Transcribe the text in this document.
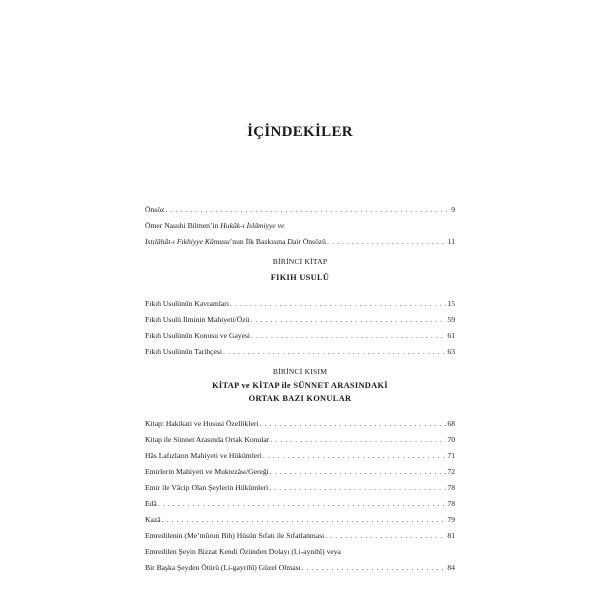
İÇİNDEKİLER
Önsöz . . .	9
Ömer Nasuhi Bilmen’in Hukûk-ı İslâmiyye ve
Istılâhât-ı Fıkhiyye Kâmusu’nun İlk Baskısına Dair Önsözü . . .	11
BİRİNCİ KİTAP
FIKIH USULÜ
Fıkıh Usulünün Kavramları . . .	15
Fıkıh Usulü İlminin Mahiyeti/Özü . . .	59
Fıkıh Usulünün Konusu ve Gayesi . . .	61
Fıkıh Usulünün Tarihçesi . . .	63
BİRİNCİ KISIM
KİTAP ve KİTAP ile SÜNNET ARASINDAKİ
ORTAK BAZI KONULAR
Kitap: Hakikati ve Hususi Özellikleri . . .	68
Kitap ile Sünnet Arasında Ortak Konular . . .	70
Hâs Lafızların Mahiyeti ve Hükümleri . . .	71
Emirlerin Mahiyeti ve Muktezâsı/Gereği . . .	72
Emir ile Vâcip Olan Şeylerin Hükümleri . . .	78
Edâ . . .	78
Kazâ . . .	79
Emredilenin (Me’mûrun Bih) Hüsün Sıfatı ile Sıfatlanması . . .	81
Emredilen Şeyin Bizzat Kendi Özünden Dolayı (Li-aynihî) veya
Bir Başka Şeyden Ötürü (Li-gayrihî) Güzel Olması . . .	84
